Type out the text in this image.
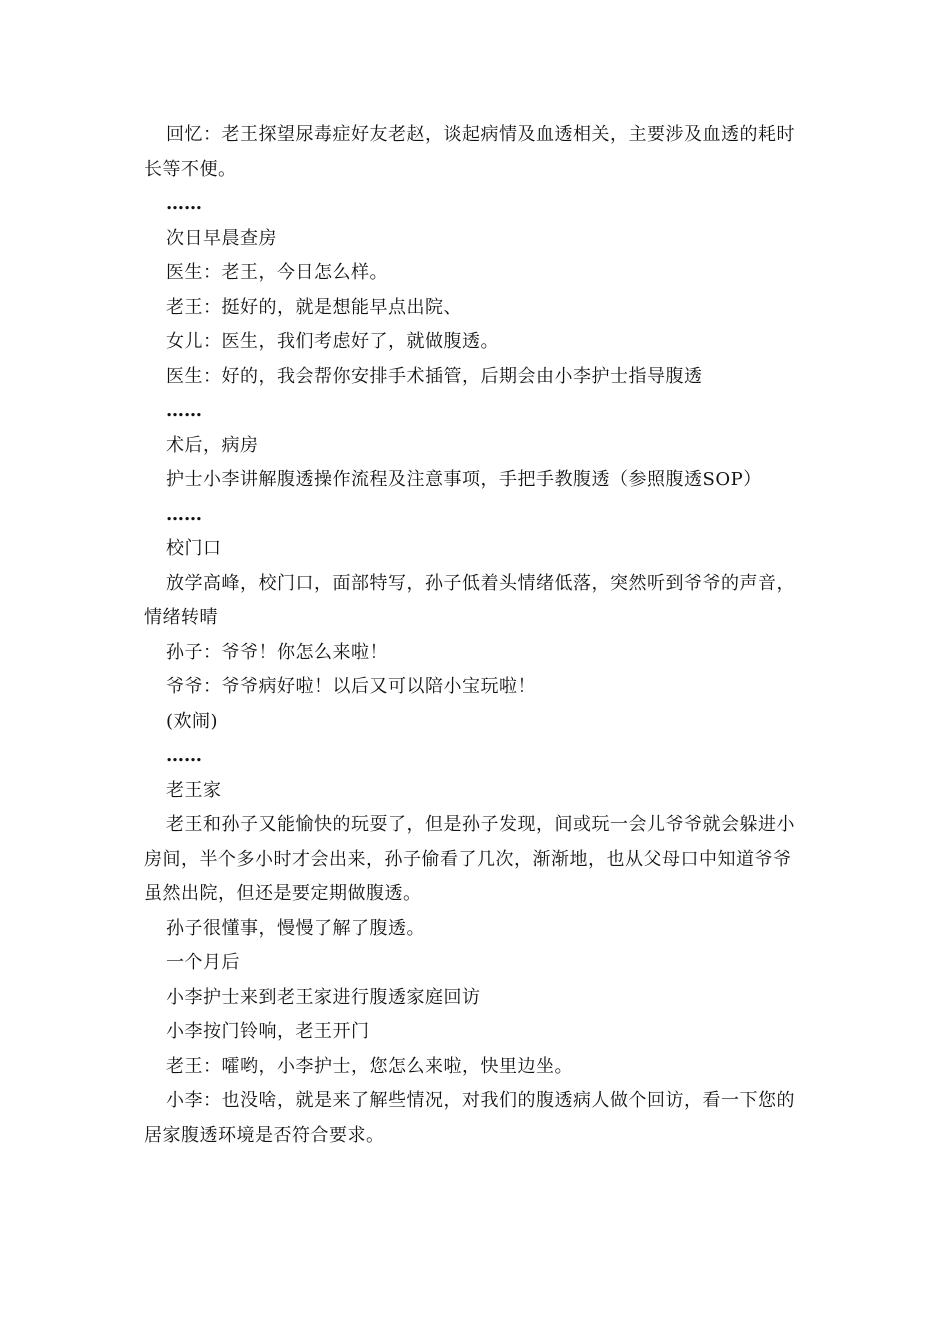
回忆：老王探望尿毒症好友老赵，谈起病情及血透相关，主要涉及血透的耗时长等不便。

……

次日早晨查房

医生：老王，今日怎么样。

老王：挺好的，就是想能早点出院、

女儿：医生，我们考虑好了，就做腹透。

医生：好的，我会帮你安排手术插管，后期会由小李护士指导腹透

……

术后，病房

护士小李讲解腹透操作流程及注意事项，手把手教腹透（参照腹透SOP）

……

校门口

放学高峰，校门口，面部特写，孙子低着头情绪低落，突然听到爷爷的声音，情绪转晴

孙子：爷爷！你怎么来啦！

爷爷：爷爷病好啦！以后又可以陪小宝玩啦！

(欢闹)

……

老王家

老王和孙子又能愉快的玩耍了，但是孙子发现，间或玩一会儿爷爷就会躲进小房间，半个多小时才会出来，孙子偷看了几次，渐渐地，也从父母口中知道爷爷虽然出院，但还是要定期做腹透。

孙子很懂事，慢慢了解了腹透。

一个月后

小李护士来到老王家进行腹透家庭回访

小李按门铃响，老王开门

老王：嚯哟，小李护士，您怎么来啦，快里边坐。

小李：也没啥，就是来了解些情况，对我们的腹透病人做个回访，看一下您的居家腹透环境是否符合要求。
